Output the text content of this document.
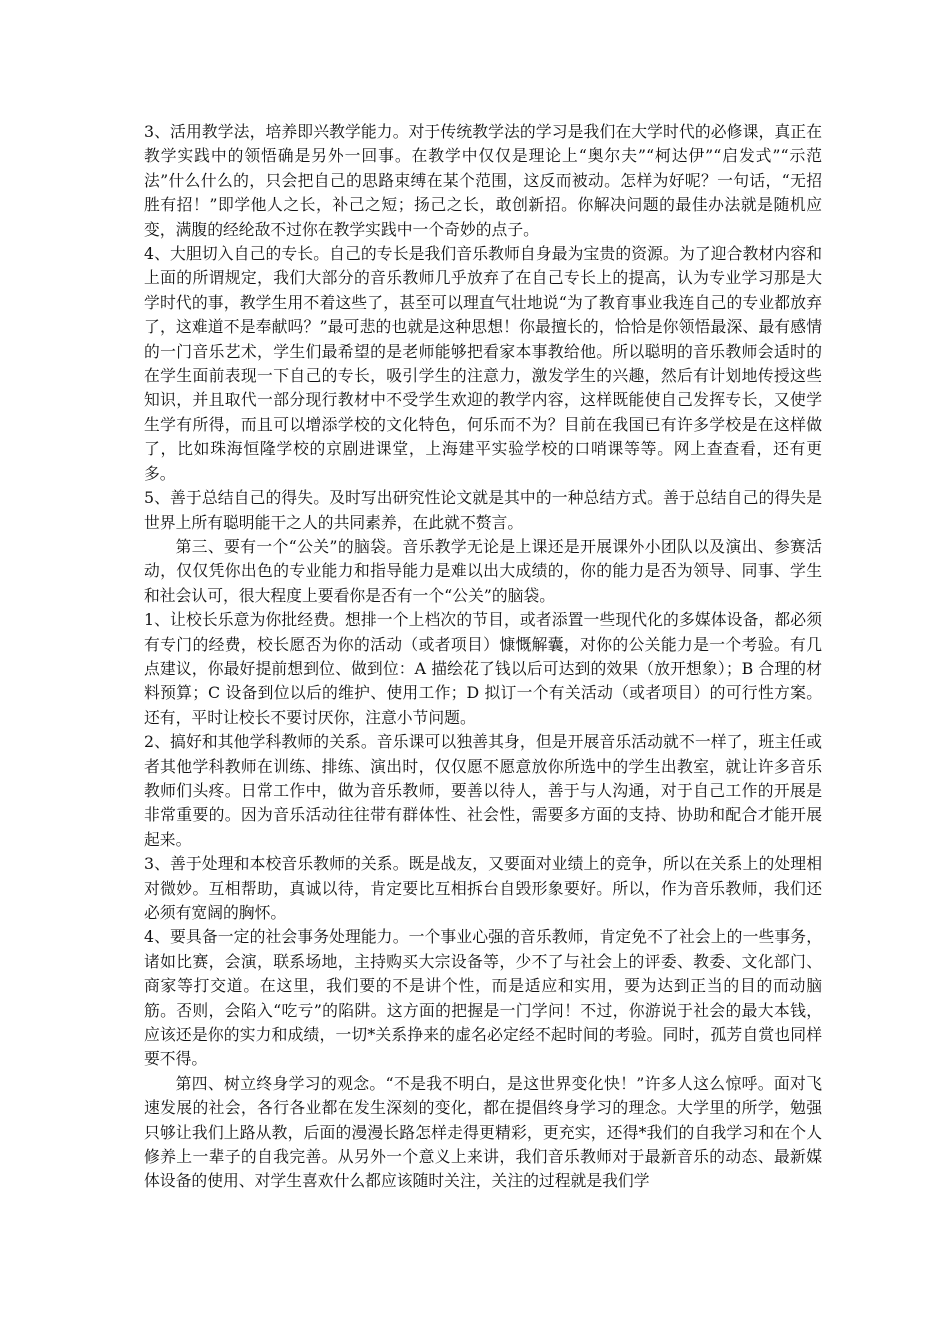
3、活用教学法，培养即兴教学能力。对于传统教学法的学习是我们在大学时代的必修课，真正在教学实践中的领悟确是另外一回事。在教学中仅仅是理论上“奥尔夫”“柯达伊”“启发式”“示范法”什么什么的，只会把自己的思路束缚在某个范围，这反而被动。怎样为好呢？一句话，“无招胜有招！”即学他人之长，补己之短；扬己之长，敢创新招。你解决问题的最佳办法就是随机应变，满腹的经纶敌不过你在教学实践中一个奇妙的点子。

4、大胆切入自己的专长。自己的专长是我们音乐教师自身最为宝贵的资源。为了迎合教材内容和上面的所谓规定，我们大部分的音乐教师几乎放弃了在自己专长上的提高，认为专业学习那是大学时代的事，教学生用不着这些了，甚至可以理直气壮地说“为了教育事业我连自己的专业都放弃了，这难道不是奉献吗？”最可悲的也就是这种思想！你最擅长的，恰恰是你领悟最深、最有感情的一门音乐艺术，学生们最希望的是老师能够把看家本事教给他。所以聪明的音乐教师会适时的在学生面前表现一下自己的专长，吸引学生的注意力，激发学生的兴趣，然后有计划地传授这些知识，并且取代一部分现行教材中不受学生欢迎的教学内容，这样既能使自己发挥专长，又使学生学有所得，而且可以增添学校的文化特色，何乐而不为？目前在我国已有许多学校是在这样做了，比如珠海恒隆学校的京剧进课堂，上海建平实验学校的口哨课等等。网上查查看，还有更多。

5、善于总结自己的得失。及时写出研究性论文就是其中的一种总结方式。善于总结自己的得失是世界上所有聪明能干之人的共同素养，在此就不赘言。

第三、要有一个“公关”的脑袋。音乐教学无论是上课还是开展课外小团队以及演出、参赛活动，仅仅凭你出色的专业能力和指导能力是难以出大成绩的，你的能力是否为领导、同事、学生和社会认可，很大程度上要看你是否有一个“公关”的脑袋。

1、让校长乐意为你批经费。想排一个上档次的节目，或者添置一些现代化的多媒体设备，都必须有专门的经费，校长愿否为你的活动（或者项目）慷慨解囊，对你的公关能力是一个考验。有几点建议，你最好提前想到位、做到位：A 描绘花了钱以后可达到的效果（放开想象）；B 合理的材料预算；C 设备到位以后的维护、使用工作；D 拟订一个有关活动（或者项目）的可行性方案。还有，平时让校长不要讨厌你，注意小节问题。

2、搞好和其他学科教师的关系。音乐课可以独善其身，但是开展音乐活动就不一样了，班主任或者其他学科教师在训练、排练、演出时，仅仅愿不愿意放你所选中的学生出教室，就让许多音乐教师们头疼。日常工作中，做为音乐教师，要善以待人，善于与人沟通，对于自己工作的开展是非常重要的。因为音乐活动往往带有群体性、社会性，需要多方面的支持、协助和配合才能开展起来。

3、善于处理和本校音乐教师的关系。既是战友，又要面对业绩上的竞争，所以在关系上的处理相对微妙。互相帮助，真诚以待，肯定要比互相拆台自毁形象要好。所以，作为音乐教师，我们还必须有宽阔的胸怀。

4、要具备一定的社会事务处理能力。一个事业心强的音乐教师，肯定免不了社会上的一些事务，诸如比赛，会演，联系场地，主持购买大宗设备等，少不了与社会上的评委、教委、文化部门、商家等打交道。在这里，我们要的不是讲个性，而是适应和实用，要为达到正当的目的而动脑筋。否则，会陷入“吃亏”的陷阱。这方面的把握是一门学问！不过，你游说于社会的最大本钱，应该还是你的实力和成绩，一切*关系挣来的虚名必定经不起时间的考验。同时，孤芳自赏也同样要不得。

第四、树立终身学习的观念。“不是我不明白，是这世界变化快！”许多人这么惊呼。面对飞速发展的社会，各行各业都在发生深刻的变化，都在提倡终身学习的理念。大学里的所学，勉强只够让我们上路从教，后面的漫漫长路怎样走得更精彩，更充实，还得*我们的自我学习和在个人修养上一辈子的自我完善。从另外一个意义上来讲，我们音乐教师对于最新音乐的动态、最新媒体设备的使用、对学生喜欢什么都应该随时关注，关注的过程就是我们学
